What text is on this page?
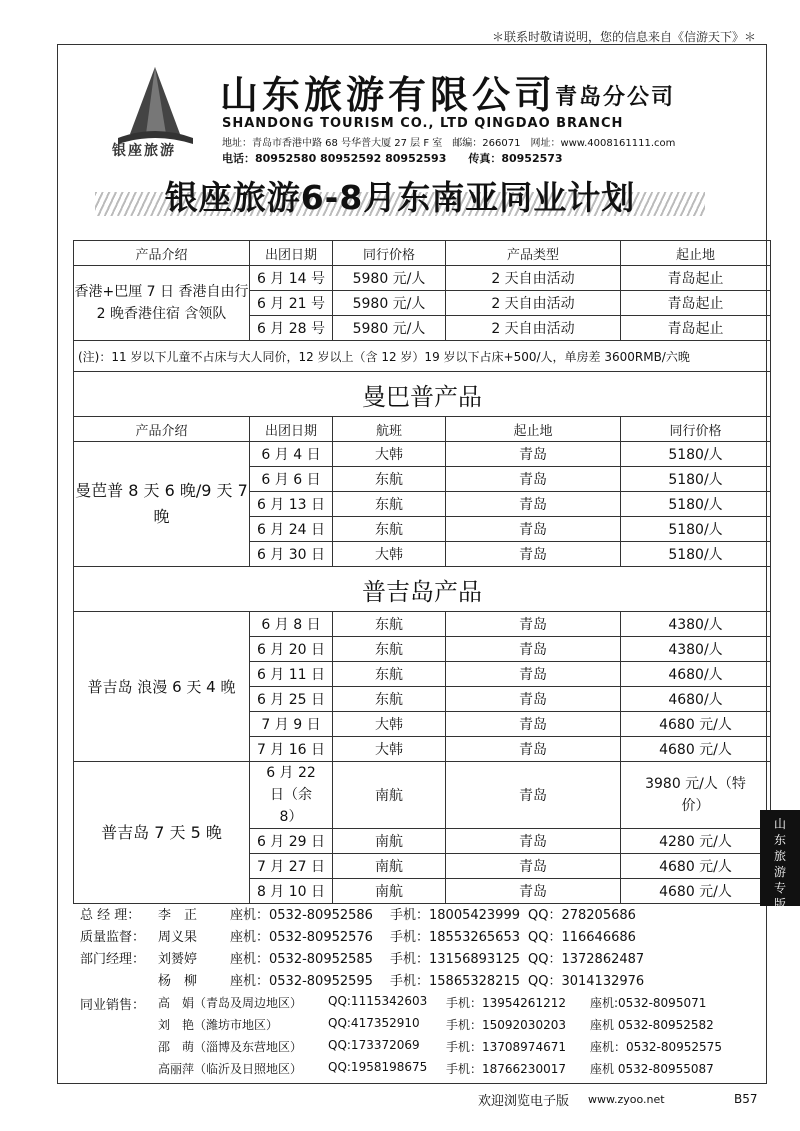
＊联系时敬请说明，您的信息来自《信游天下》＊
银座旅游
山东旅游有限公司
青岛分公司
SHANDONG TOURISM CO., LTD QINGDAO BRANCH
地址：青岛市香港中路 68 号华普大厦 27 层 F 室　邮编：266071　网址：www.4008161111.com
电话：80952580 80952592 80952593　　传真：80952573
银座旅游6-8月东南亚同业计划
产品介绍	出团日期	同行价格	产品类型	起止地
香港+巴厘 7 日 香港自由行 2 晚香港住宿 含领队	6 月 14 号	5980 元/人	2 天自由活动	青岛起止
	6 月 21 号	5980 元/人	2 天自由活动	青岛起止
	6 月 28 号	5980 元/人	2 天自由活动	青岛起止
(注)：11 岁以下儿童不占床与大人同价，12 岁以上（含 12 岁）19 岁以下占床+500/人，单房差 3600RMB/六晚				
曼巴普产品				
产品介绍	出团日期	航班	起止地	同行价格
曼芭普 8 天 6 晚/9 天 7 晚	6 月 4 日	大韩	青岛	5180/人
	6 月 6 日	东航	青岛	5180/人
	6 月 13 日	东航	青岛	5180/人
	6 月 24 日	东航	青岛	5180/人
	6 月 30 日	大韩	青岛	5180/人
普吉岛产品				
普吉岛 浪漫 6 天 4 晚	6 月 8 日	东航	青岛	4380/人
	6 月 20 日	东航	青岛	4380/人
	6 月 11 日	东航	青岛	4680/人
	6 月 25 日	东航	青岛	4680/人
	7 月 9 日	大韩	青岛	4680 元/人
	7 月 16 日	大韩	青岛	4680 元/人
普吉岛 7 天 5 晚	6 月 22 日（余 8）	南航	青岛	3980 元/人（特价）
	6 月 29 日	南航	青岛	4280 元/人
	7 月 27 日	南航	青岛	4680 元/人
	8 月 10 日	南航	青岛	4680 元/人
总 经 理： 李　正	座机：0532-80952586 手机：18005423999 QQ：278205686
质量监督： 周义果	座机：0532-80952576 手机：18553265653 QQ：116646686
部门经理： 刘赟婷	座机：0532-80952585 手机：13156893125 QQ：1372862487
杨　柳	座机：0532-80952595 手机：15865328215 QQ：3014132976
同业销售： 高　娟（青岛及周边地区） QQ:1115342603 手机：13954261212 座机:0532-8095071
刘　艳（潍坊市地区）	QQ:417352910 手机：15092030203 座机 0532-80952582
邵　萌（淄博及东营地区） QQ:173372069 手机：13708974671 座机：0532-80952575
高丽萍（临沂及日照地区） QQ:1958198675 手机：18766230017 座机 0532-80955087
欢迎浏览电子版 www.zyoo.net	B57
山东旅游专版
